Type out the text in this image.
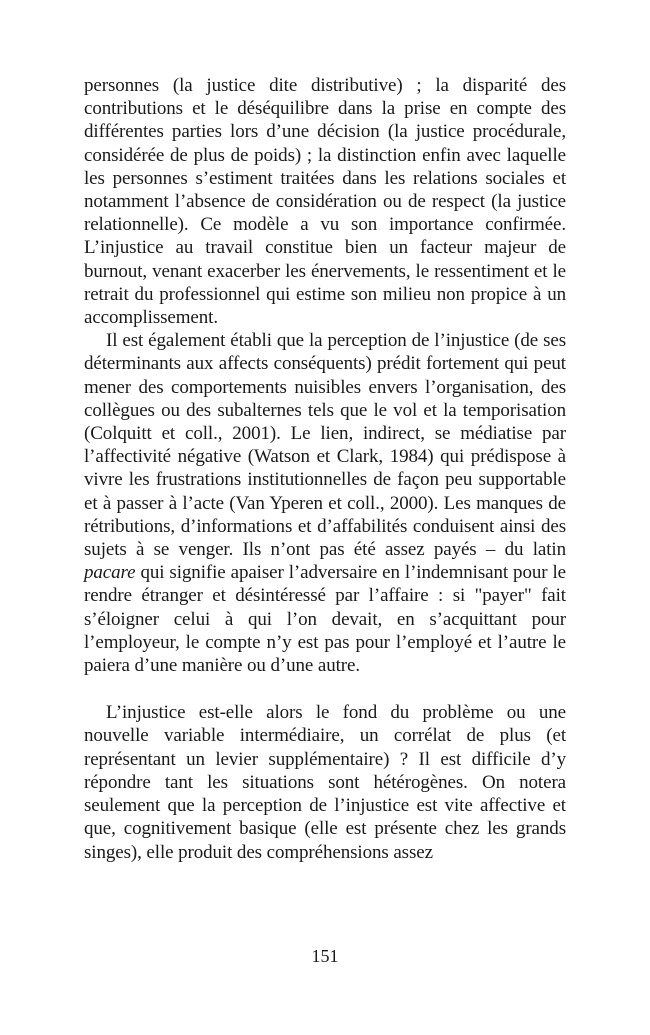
personnes (la justice dite distributive) ; la disparité des contributions et le déséquilibre dans la prise en compte des différentes parties lors d’une décision (la justice procédurale, considérée de plus de poids) ; la distinction enfin avec laquelle les personnes s’estiment traitées dans les relations sociales et notamment l’absence de considération ou de respect (la justice relationnelle). Ce modèle a vu son importance confirmée. L’injustice au travail constitue bien un facteur majeur de burnout, venant exacerber les énervements, le ressentiment et le retrait du professionnel qui estime son milieu non propice à un accomplissement.

Il est également établi que la perception de l’injustice (de ses déterminants aux affects conséquents) prédit fortement qui peut mener des comportements nuisibles envers l’organisation, des collègues ou des subalternes tels que le vol et la temporisation (Colquitt et coll., 2001). Le lien, indirect, se médiatise par l’affectivité négative (Watson et Clark, 1984) qui prédispose à vivre les frustrations institutionnelles de façon peu supportable et à passer à l’acte (Van Yperen et coll., 2000). Les manques de rétributions, d’informations et d’affabilités conduisent ainsi des sujets à se venger. Ils n’ont pas été assez payés – du latin pacare qui signifie apaiser l’adversaire en l’indemnisant pour le rendre étranger et désintéressé par l’affaire : si "payer" fait s’éloigner celui à qui l’on devait, en s’acquittant pour l’employeur, le compte n’y est pas pour l’employé et l’autre le paiera d’une manière ou d’une autre.

L’injustice est-elle alors le fond du problème ou une nouvelle variable intermédiaire, un corrélat de plus (et représentant un levier supplémentaire) ? Il est difficile d’y répondre tant les situations sont hétérogènes. On notera seulement que la perception de l’injustice est vite affective et que, cognitivement basique (elle est présente chez les grands singes), elle produit des compréhensions assez

151
